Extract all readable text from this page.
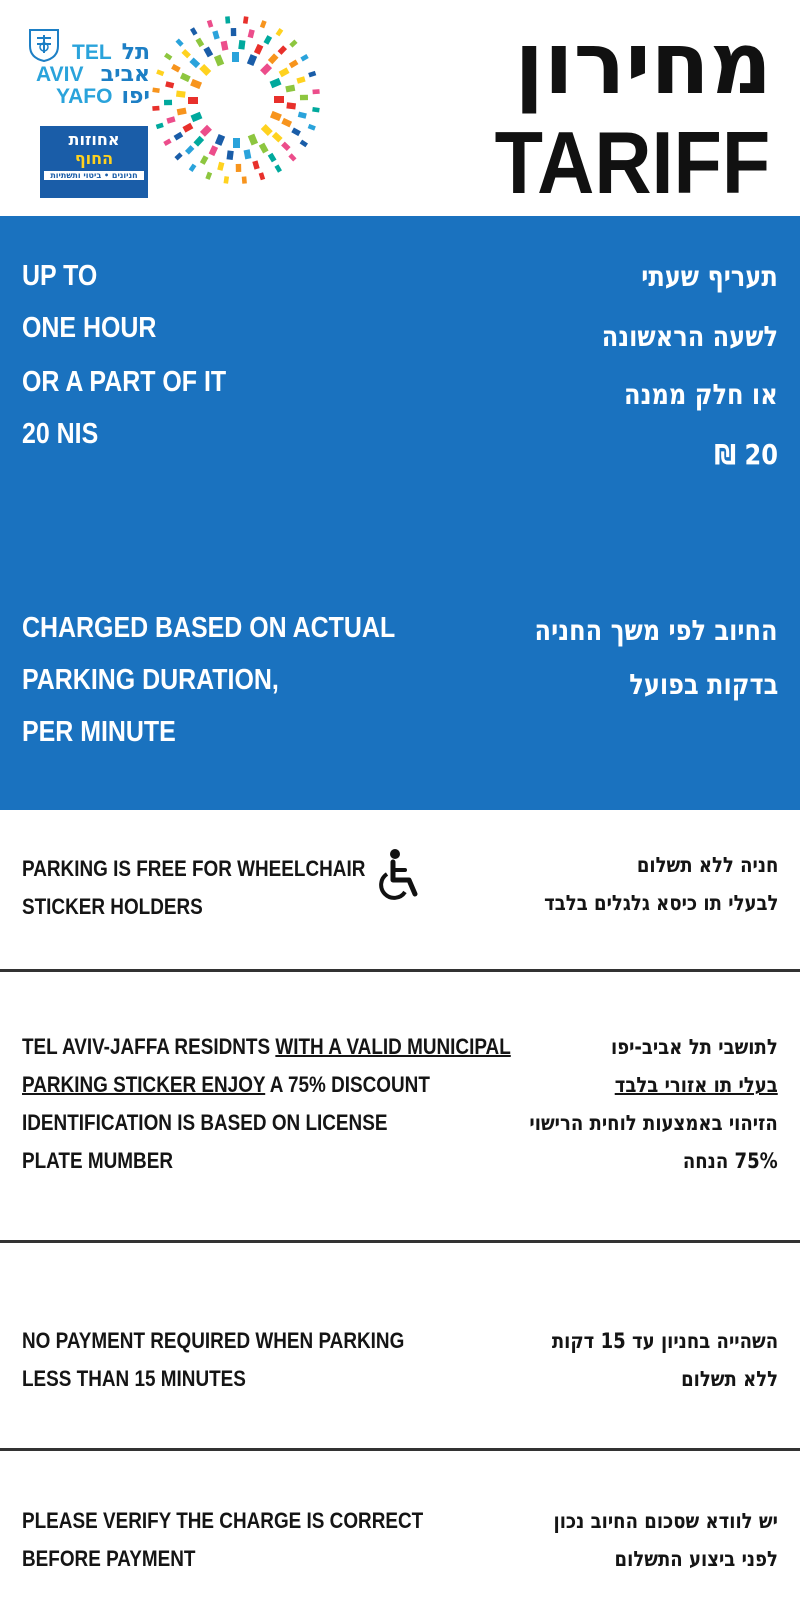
תל
אביב
יפו
TEL
AVIV
YAFO
אחוזות
החוף
חניונים • ביטוי ותשתיות
מחירון
TARIFF
UP TO
ONE HOUR
OR A PART OF IT
20 NIS
תעריף שעתי
לשעה הראשונה
או חלק ממנה
20 ₪
CHARGED BASED ON ACTUAL
PARKING DURATION,
PER MINUTE
החיוב לפי משך החניה
בדקות בפועל
PARKING IS FREE FOR WHEELCHAIR
STICKER HOLDERS
חניה ללא תשלום
לבעלי תו כיסא גלגלים בלבד
TEL AVIV-JAFFA RESIDNTS WITH A VALID MUNICIPAL
PARKING STICKER ENJOY A 75% DISCOUNT
IDENTIFICATION IS BASED ON LICENSE
PLATE MUMBER
לתושבי תל אביב-יפו
בעלי תו אזורי בלבד
הזיהוי באמצעות לוחית הרישוי
75% הנחה
NO PAYMENT REQUIRED WHEN PARKING
LESS THAN 15 MINUTES
השהייה בחניון עד 15 דקות
ללא תשלום
PLEASE VERIFY THE CHARGE IS CORRECT
BEFORE PAYMENT
יש לוודא שסכום החיוב נכון
לפני ביצוע התשלום
